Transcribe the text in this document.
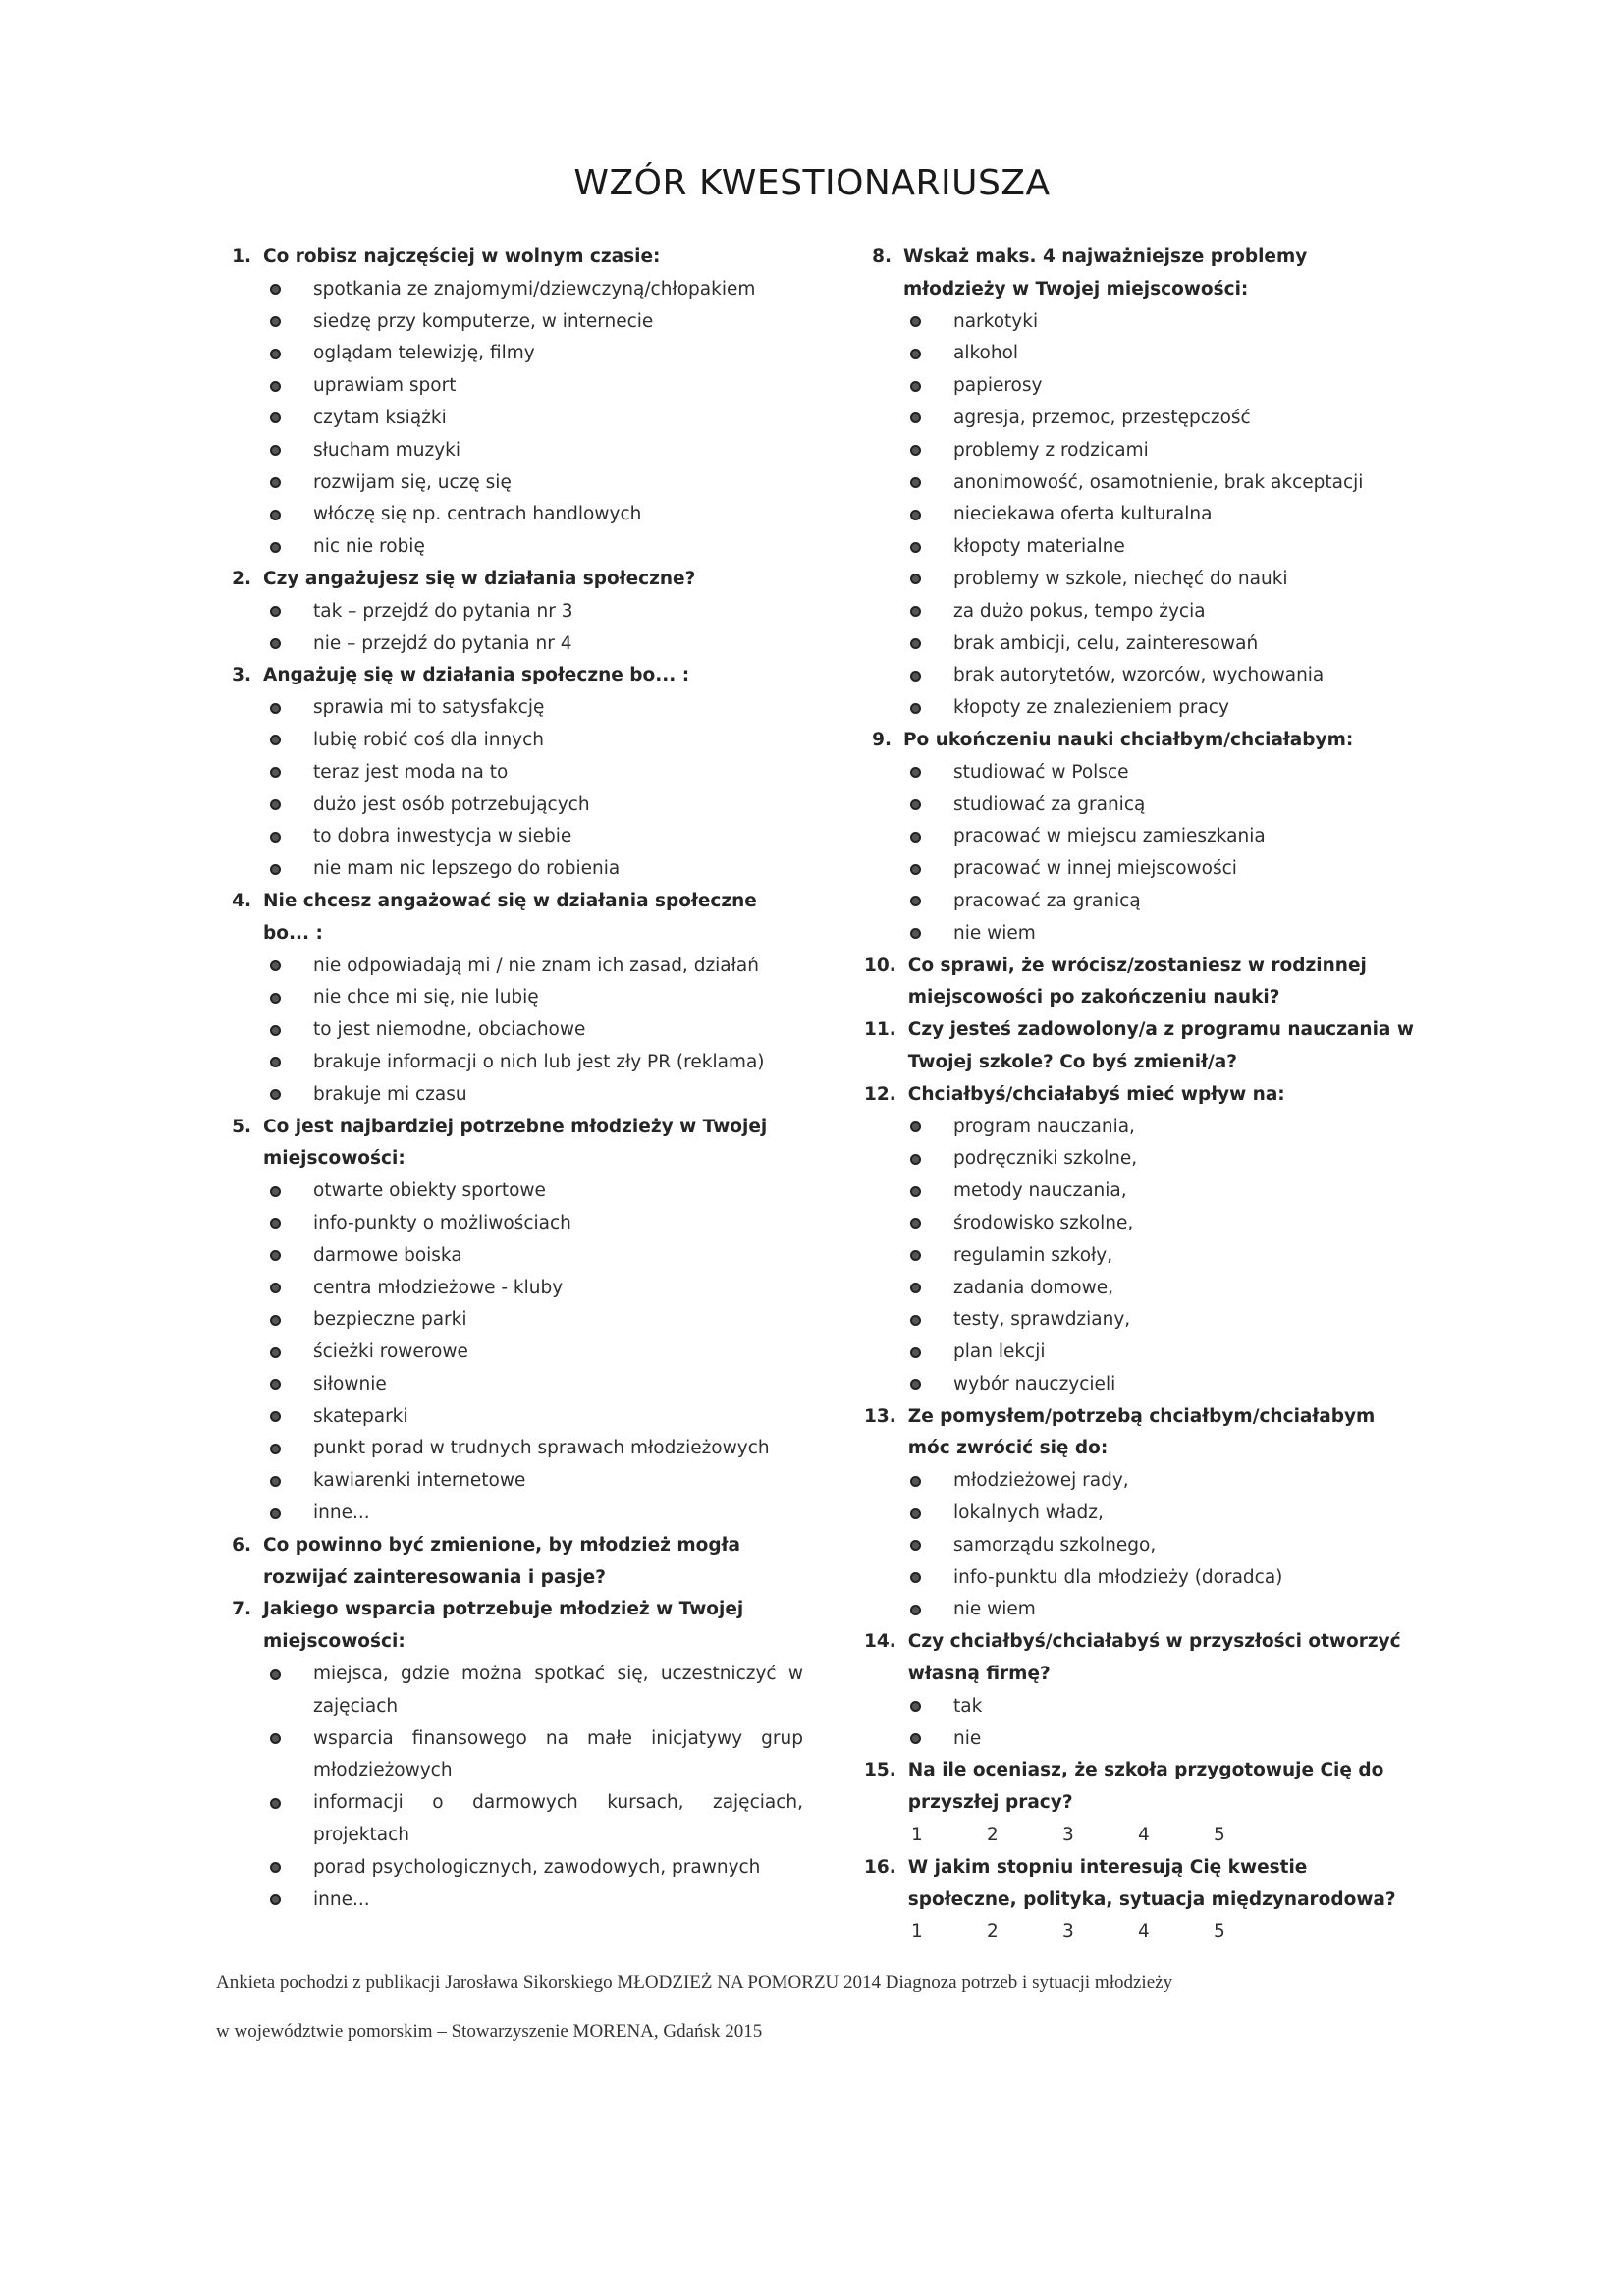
WZÓR KWESTIONARIUSZA
1. Co robisz najczęściej w wolnym czasie:
spotkania ze znajomymi/dziewczyną/chłopakiem
siedzę przy komputerze, w internecie
oglądam telewizję, filmy
uprawiam sport
czytam książki
słucham muzyki
rozwijam się, uczę się
włóczę się np. centrach handlowych
nic nie robię
2. Czy angażujesz się w działania społeczne?
tak – przejdź do pytania nr 3
nie – przejdź do pytania nr 4
3. Angażuję się w działania społeczne bo... :
sprawia mi to satysfakcję
lubię robić coś dla innych
teraz jest moda na to
dużo jest osób potrzebujących
to dobra inwestycja w siebie
nie mam nic lepszego do robienia
4. Nie chcesz angażować się w działania społeczne bo... :
nie odpowiadają mi / nie znam ich zasad, działań
nie chce mi się, nie lubię
to jest niemodne, obciachowe
brakuje informacji o nich lub jest zły PR (reklama)
brakuje mi czasu
5. Co jest najbardziej potrzebne młodzieży w Twojej miejscowości:
otwarte obiekty sportowe
info-punkty o możliwościach
darmowe boiska
centra młodzieżowe - kluby
bezpieczne parki
ścieżki rowerowe
siłownie
skateparki
punkt porad w trudnych sprawach młodzieżowych
kawiarenki internetowe
inne...
6. Co powinno być zmienione, by młodzież mogła rozwijać zainteresowania i pasje?
7. Jakiego wsparcia potrzebuje młodzież w Twojej miejscowości:
miejsca, gdzie można spotkać się, uczestniczyć w zajęciach
wsparcia finansowego na małe inicjatywy grup młodzieżowych
informacji o darmowych kursach, zajęciach, projektach
porad psychologicznych, zawodowych, prawnych
inne...
8. Wskaż maks. 4 najważniejsze problemy młodzieży w Twojej miejscowości:
narkotyki
alkohol
papierosy
agresja, przemoc, przestępczość
problemy z rodzicami
anonimowość, osamotnienie, brak akceptacji
nieciekawa oferta kulturalna
kłopoty materialne
problemy w szkole, niechęć do nauki
za dużo pokus, tempo życia
brak ambicji, celu, zainteresowań
brak autorytetów, wzorców, wychowania
kłopoty ze znalezieniem pracy
9. Po ukończeniu nauki chciałbym/chciałabym:
studiować w Polsce
studiować za granicą
pracować w miejscu zamieszkania
pracować w innej miejscowości
pracować za granicą
nie wiem
10. Co sprawi, że wrócisz/zostaniesz w rodzinnej miejscowości po zakończeniu nauki?
11. Czy jesteś zadowolony/a z programu nauczania w Twojej szkole? Co byś zmienił/a?
12. Chciałbyś/chciałabyś mieć wpływ na:
program nauczania,
podręczniki szkolne,
metody nauczania,
środowisko szkolne,
regulamin szkoły,
zadania domowe,
testy, sprawdziany,
plan lekcji
wybór nauczycieli
13. Ze pomysłem/potrzebą chciałbym/chciałabym móc zwrócić się do:
młodzieżowej rady,
lokalnych władz,
samorządu szkolnego,
info-punktu dla młodzieży (doradca)
nie wiem
14. Czy chciałbyś/chciałabyś w przyszłości otworzyć własną firmę?
tak
nie
15. Na ile oceniasz, że szkoła przygotowuje Cię do przyszłej pracy?
1	2	3	4	5
16. W jakim stopniu interesują Cię kwestie społeczne, polityka, sytuacja międzynarodowa?
1	2	3	4	5
Ankieta pochodzi z publikacji Jarosława Sikorskiego MŁODZIEŻ NA POMORZU 2014 Diagnoza potrzeb i sytuacji młodzieży
w województwie pomorskim – Stowarzyszenie MORENA, Gdańsk 2015
